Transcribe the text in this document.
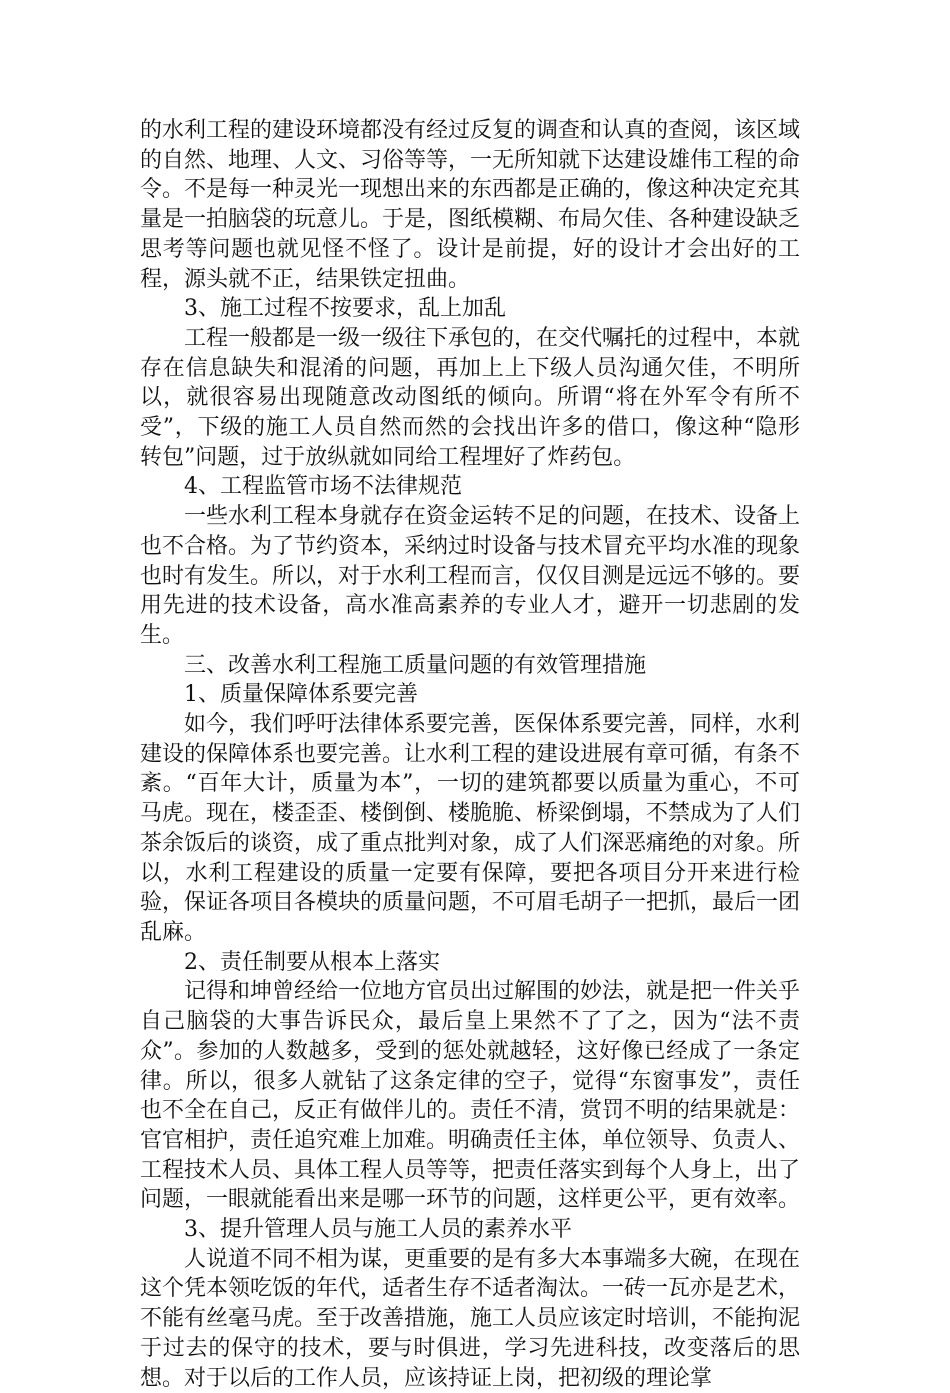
的水利工程的建设环境都没有经过反复的调查和认真的查阅，该区域的自然、地理、人文、习俗等等，一无所知就下达建设雄伟工程的命令。不是每一种灵光一现想出来的东西都是正确的，像这种决定充其量是一拍脑袋的玩意儿。于是，图纸模糊、布局欠佳、各种建设缺乏思考等问题也就见怪不怪了。设计是前提，好的设计才会出好的工程，源头就不正，结果铁定扭曲。

3、施工过程不按要求，乱上加乱

工程一般都是一级一级往下承包的，在交代嘱托的过程中，本就存在信息缺失和混淆的问题，再加上上下级人员沟通欠佳，不明所以，就很容易出现随意改动图纸的倾向。所谓“将在外军令有所不受”，下级的施工人员自然而然的会找出许多的借口，像这种“隐形转包”问题，过于放纵就如同给工程埋好了炸药包。

4、工程监管市场不法律规范

一些水利工程本身就存在资金运转不足的问题，在技术、设备上也不合格。为了节约资本，采纳过时设备与技术冒充平均水准的现象也时有发生。所以，对于水利工程而言，仅仅目测是远远不够的。要用先进的技术设备，高水准高素养的专业人才，避开一切悲剧的发生。

三、改善水利工程施工质量问题的有效管理措施

1、质量保障体系要完善

如今，我们呼吁法律体系要完善，医保体系要完善，同样，水利建设的保障体系也要完善。让水利工程的建设进展有章可循，有条不紊。“百年大计，质量为本”，一切的建筑都要以质量为重心，不可马虎。现在，楼歪歪、楼倒倒、楼脆脆、桥梁倒塌，不禁成为了人们茶余饭后的谈资，成了重点批判对象，成了人们深恶痛绝的对象。所以，水利工程建设的质量一定要有保障，要把各项目分开来进行检验，保证各项目各模块的质量问题，不可眉毛胡子一把抓，最后一团乱麻。

2、责任制要从根本上落实

记得和坤曾经给一位地方官员出过解围的妙法，就是把一件关乎自己脑袋的大事告诉民众，最后皇上果然不了了之，因为“法不责众”。参加的人数越多，受到的惩处就越轻，这好像已经成了一条定律。所以，很多人就钻了这条定律的空子，觉得“东窗事发”，责任也不全在自己，反正有做伴儿的。责任不清，赏罚不明的结果就是：官官相护，责任追究难上加难。明确责任主体，单位领导、负责人、工程技术人员、具体工程人员等等，把责任落实到每个人身上，出了问题，一眼就能看出来是哪一环节的问题，这样更公平，更有效率。

3、提升管理人员与施工人员的素养水平

人说道不同不相为谋，更重要的是有多大本事端多大碗，在现在这个凭本领吃饭的年代，适者生存不适者淘汰。一砖一瓦亦是艺术，不能有丝毫马虎。至于改善措施，施工人员应该定时培训，不能拘泥于过去的保守的技术，要与时俱进，学习先进科技，改变落后的思想。对于以后的工作人员，应该持证上岗，把初级的理论掌
